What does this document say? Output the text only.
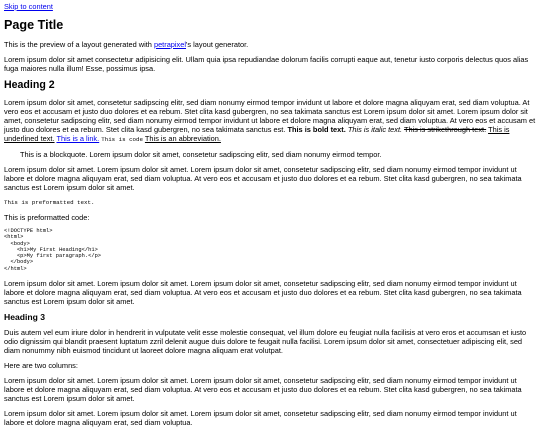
Skip to content
Page Title

This is the preview of a layout generated with petrapixel's layout generator.

Lorem ipsum dolor sit amet consectetur adipisicing elit. Ullam quia ipsa repudiandae dolorum facilis corrupti eaque aut, tenetur iusto corporis delectus quos alias fuga maiores nulla illum! Esse, possimus ipsa.

Heading 2

Lorem ipsum dolor sit amet, consetetur sadipscing elitr, sed diam nonumy eirmod tempor invidunt ut labore et dolore magna aliquyam erat, sed diam voluptua. At vero eos et accusam et justo duo dolores et ea rebum. Stet clita kasd gubergren, no sea takimata sanctus est Lorem ipsum dolor sit amet. Lorem ipsum dolor sit amet, consetetur sadipscing elitr, sed diam nonumy eirmod tempor invidunt ut labore et dolore magna aliquyam erat, sed diam voluptua. At vero eos et accusam et justo duo dolores et ea rebum. Stet clita kasd gubergren, no sea takimata sanctus est. This is bold text. This is italic text. This is strikethrough text. This is underlined text. This is a link. This is code This is an abbreviation.

This is a blockquote. Lorem ipsum dolor sit amet, consetetur sadipscing elitr, sed diam nonumy eirmod tempor.

Lorem ipsum dolor sit amet. Lorem ipsum dolor sit amet. Lorem ipsum dolor sit amet, consetetur sadipscing elitr, sed diam nonumy eirmod tempor invidunt ut labore et dolore magna aliquyam erat, sed diam voluptua. At vero eos et accusam et justo duo dolores et ea rebum. Stet clita kasd gubergren, no sea takimata sanctus est Lorem ipsum dolor sit amet.

This is preformatted text.

This is preformatted code:

<!DOCTYPE html>
<html>
<body>
<h1>My First Heading</h1>
<p>My first paragraph.</p>
</body>
</html>

Lorem ipsum dolor sit amet. Lorem ipsum dolor sit amet. Lorem ipsum dolor sit amet, consetetur sadipscing elitr, sed diam nonumy eirmod tempor invidunt ut labore et dolore magna aliquyam erat, sed diam voluptua. At vero eos et accusam et justo duo dolores et ea rebum. Stet clita kasd gubergren, no sea takimata sanctus est Lorem ipsum dolor sit amet.

Heading 3

Duis autem vel eum iriure dolor in hendrerit in vulputate velit esse molestie consequat, vel illum dolore eu feugiat nulla facilisis at vero eros et accumsan et iusto odio dignissim qui blandit praesent luptatum zzril delenit augue duis dolore te feugait nulla facilisi. Lorem ipsum dolor sit amet, consectetuer adipiscing elit, sed diam nonummy nibh euismod tincidunt ut laoreet dolore magna aliquam erat volutpat.

Here are two columns:

Lorem ipsum dolor sit amet. Lorem ipsum dolor sit amet. Lorem ipsum dolor sit amet, consetetur sadipscing elitr, sed diam nonumy eirmod tempor invidunt ut labore et dolore magna aliquyam erat, sed diam voluptua. At vero eos et accusam et justo duo dolores et ea rebum. Stet clita kasd gubergren, no sea takimata sanctus est Lorem ipsum dolor sit amet.

Lorem ipsum dolor sit amet. Lorem ipsum dolor sit amet. Lorem ipsum dolor sit amet, consetetur sadipscing elitr, sed diam nonumy eirmod tempor invidunt ut labore et dolore magna aliquyam erat, sed diam voluptua.
